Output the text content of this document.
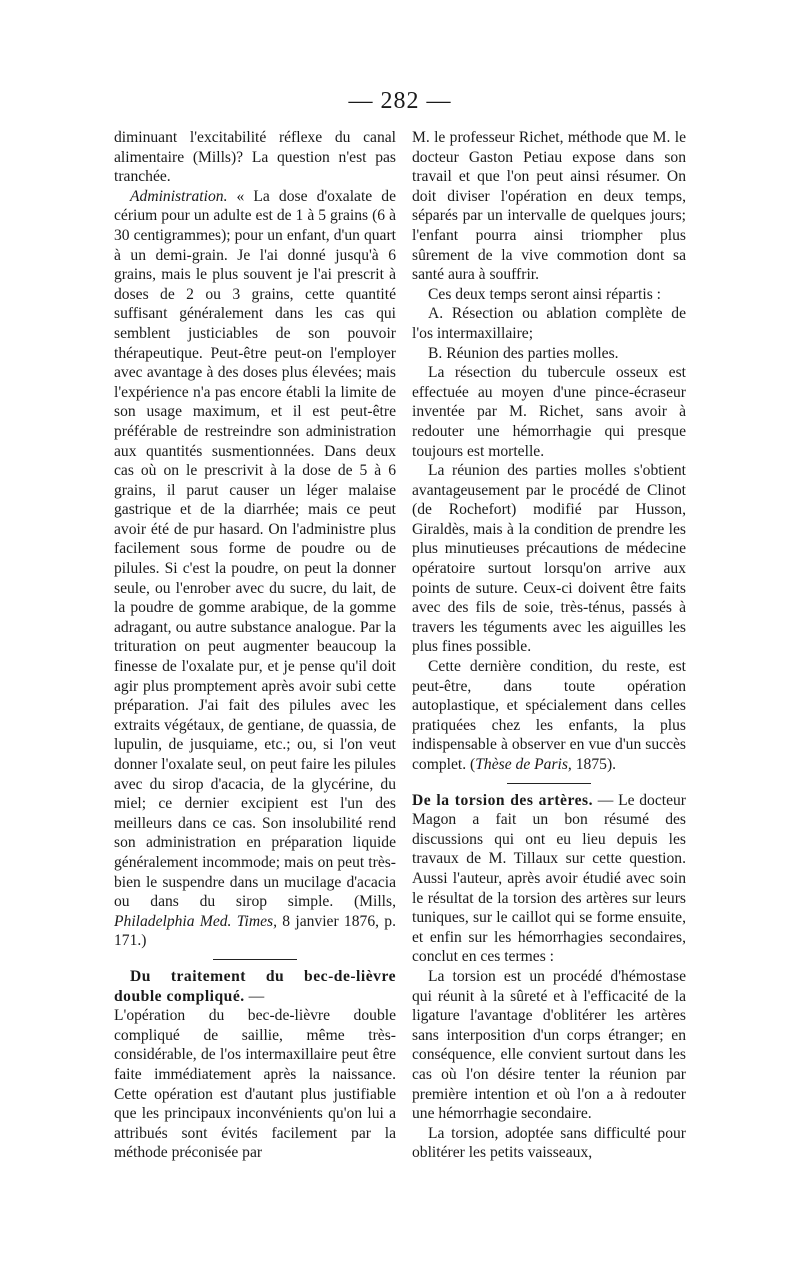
— 282 —

diminuant l'excitabilité réflexe du canal alimentaire (Mills)? La question n'est pas tranchée.

Administration. « La dose d'oxalate de cérium pour un adulte est de 1 à 5 grains (6 à 30 centigrammes); pour un enfant, d'un quart à un demi-grain. Je l'ai donné jusqu'à 6 grains, mais le plus souvent je l'ai prescrit à doses de 2 ou 3 grains, cette quantité suffisant généralement dans les cas qui semblent justiciables de son pouvoir thérapeutique. Peut-être peut-on l'employer avec avantage à des doses plus élevées; mais l'expérience n'a pas encore établi la limite de son usage maximum, et il est peut-être préférable de restreindre son administration aux quantités susmentionnées. Dans deux cas où on le prescrivit à la dose de 5 à 6 grains, il parut causer un léger malaise gastrique et de la diarrhée; mais ce peut avoir été de pur hasard. On l'administre plus facilement sous forme de poudre ou de pilules. Si c'est la poudre, on peut la donner seule, ou l'enrober avec du sucre, du lait, de la poudre de gomme arabique, de la gomme adragant, ou autre substance analogue. Par la trituration on peut augmenter beaucoup la finesse de l'oxalate pur, et je pense qu'il doit agir plus promptement après avoir subi cette préparation. J'ai fait des pilules avec les extraits végétaux, de gentiane, de quassia, de lupulin, de jusquiame, etc.; ou, si l'on veut donner l'oxalate seul, on peut faire les pilules avec du sirop d'acacia, de la glycérine, du miel; ce dernier excipient est l'un des meilleurs dans ce cas. Son insolubilité rend son administration en préparation liquide généralement incommode; mais on peut très-bien le suspendre dans un mucilage d'acacia ou dans du sirop simple. (Mills, Philadelphia Med. Times, 8 janvier 1876, p. 171.)

Du traitement du bec-de-lièvre double compliqué. —

L'opération du bec-de-lièvre double compliqué de saillie, même très-considérable, de l'os intermaxillaire peut être faite immédiatement après la naissance. Cette opération est d'autant plus justifiable que les principaux inconvénients qu'on lui a attribués sont évités facilement par la méthode préconisée par

M. le professeur Richet, méthode que M. le docteur Gaston Petiau expose dans son travail et que l'on peut ainsi résumer. On doit diviser l'opération en deux temps, séparés par un intervalle de quelques jours; l'enfant pourra ainsi triompher plus sûrement de la vive commotion dont sa santé aura à souffrir.

Ces deux temps seront ainsi répartis :

A. Résection ou ablation complète de l'os intermaxillaire;

B. Réunion des parties molles.

La résection du tubercule osseux est effectuée au moyen d'une pince-écraseur inventée par M. Richet, sans avoir à redouter une hémorrhagie qui presque toujours est mortelle.

La réunion des parties molles s'obtient avantageusement par le procédé de Clinot (de Rochefort) modifié par Husson, Giraldès, mais à la condition de prendre les plus minutieuses précautions de médecine opératoire surtout lorsqu'on arrive aux points de suture. Ceux-ci doivent être faits avec des fils de soie, très-ténus, passés à travers les téguments avec les aiguilles les plus fines possible.

Cette dernière condition, du reste, est peut-être, dans toute opération autoplastique, et spécialement dans celles pratiquées chez les enfants, la plus indispensable à observer en vue d'un succès complet. (Thèse de Paris, 1875).

De la torsion des artères. — Le docteur Magon a fait un bon résumé des discussions qui ont eu lieu depuis les travaux de M. Tillaux sur cette question. Aussi l'auteur, après avoir étudié avec soin le résultat de la torsion des artères sur leurs tuniques, sur le caillot qui se forme ensuite, et enfin sur les hémorrhagies secondaires, conclut en ces termes :

La torsion est un procédé d'hémostase qui réunit à la sûreté et à l'efficacité de la ligature l'avantage d'oblitérer les artères sans interposition d'un corps étranger; en conséquence, elle convient surtout dans les cas où l'on désire tenter la réunion par première intention et où l'on a à redouter une hémorrhagie secondaire.

La torsion, adoptée sans difficulté pour oblitérer les petits vaisseaux,
